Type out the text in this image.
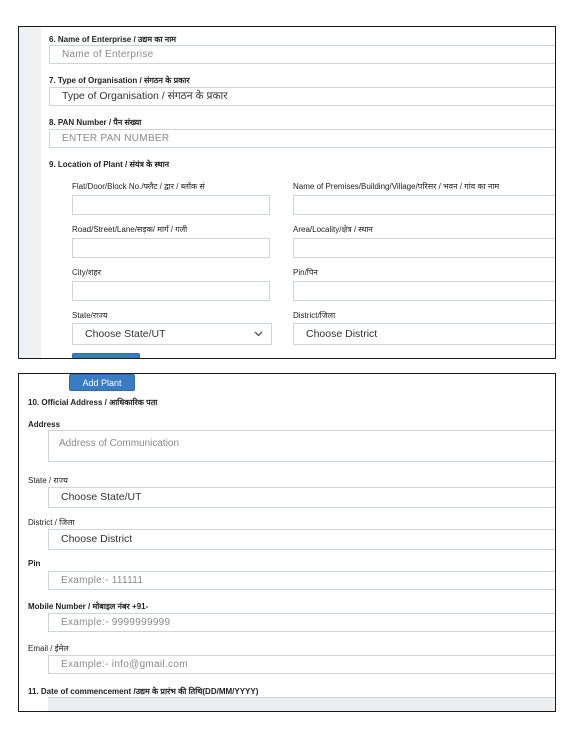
6. Name of Enterprise / उद्यम का नाम
Name of Enterprise
7. Type of Organisation / संगठन के प्रकार
Type of Organisation / संगठन के प्रकार
8. PAN Number / पैन संख्या
ENTER PAN NUMBER
9. Location of Plant / संयंत्र के स्थान
Flat/Door/Block No./फ्लैट / द्वार / ब्लॉक सं	Name of Premises/Building/Village/परिसर / भवन / गांव का नाम
Road/Street/Lane/सड़क/ मार्ग / गली	Area/Locality/क्षेत्र / स्थान
City/शहर	Pin/पिन
State/राज्य	District/जिला
Choose State/UT	Choose District
Add Plant
10. Official Address / आधिकारिक पता
Address
Address of Communication
State / राज्य
Choose State/UT
District / जिला
Choose District
Pin
Example:- 111111
Mobile Number / मोबाइल नंबर +91-
Example:- 9999999999
Email / ईमेल
Example:- info@gmail.com
11. Date of commencement /उद्यम के प्रारंभ की तिथि(DD/MM/YYYY)
